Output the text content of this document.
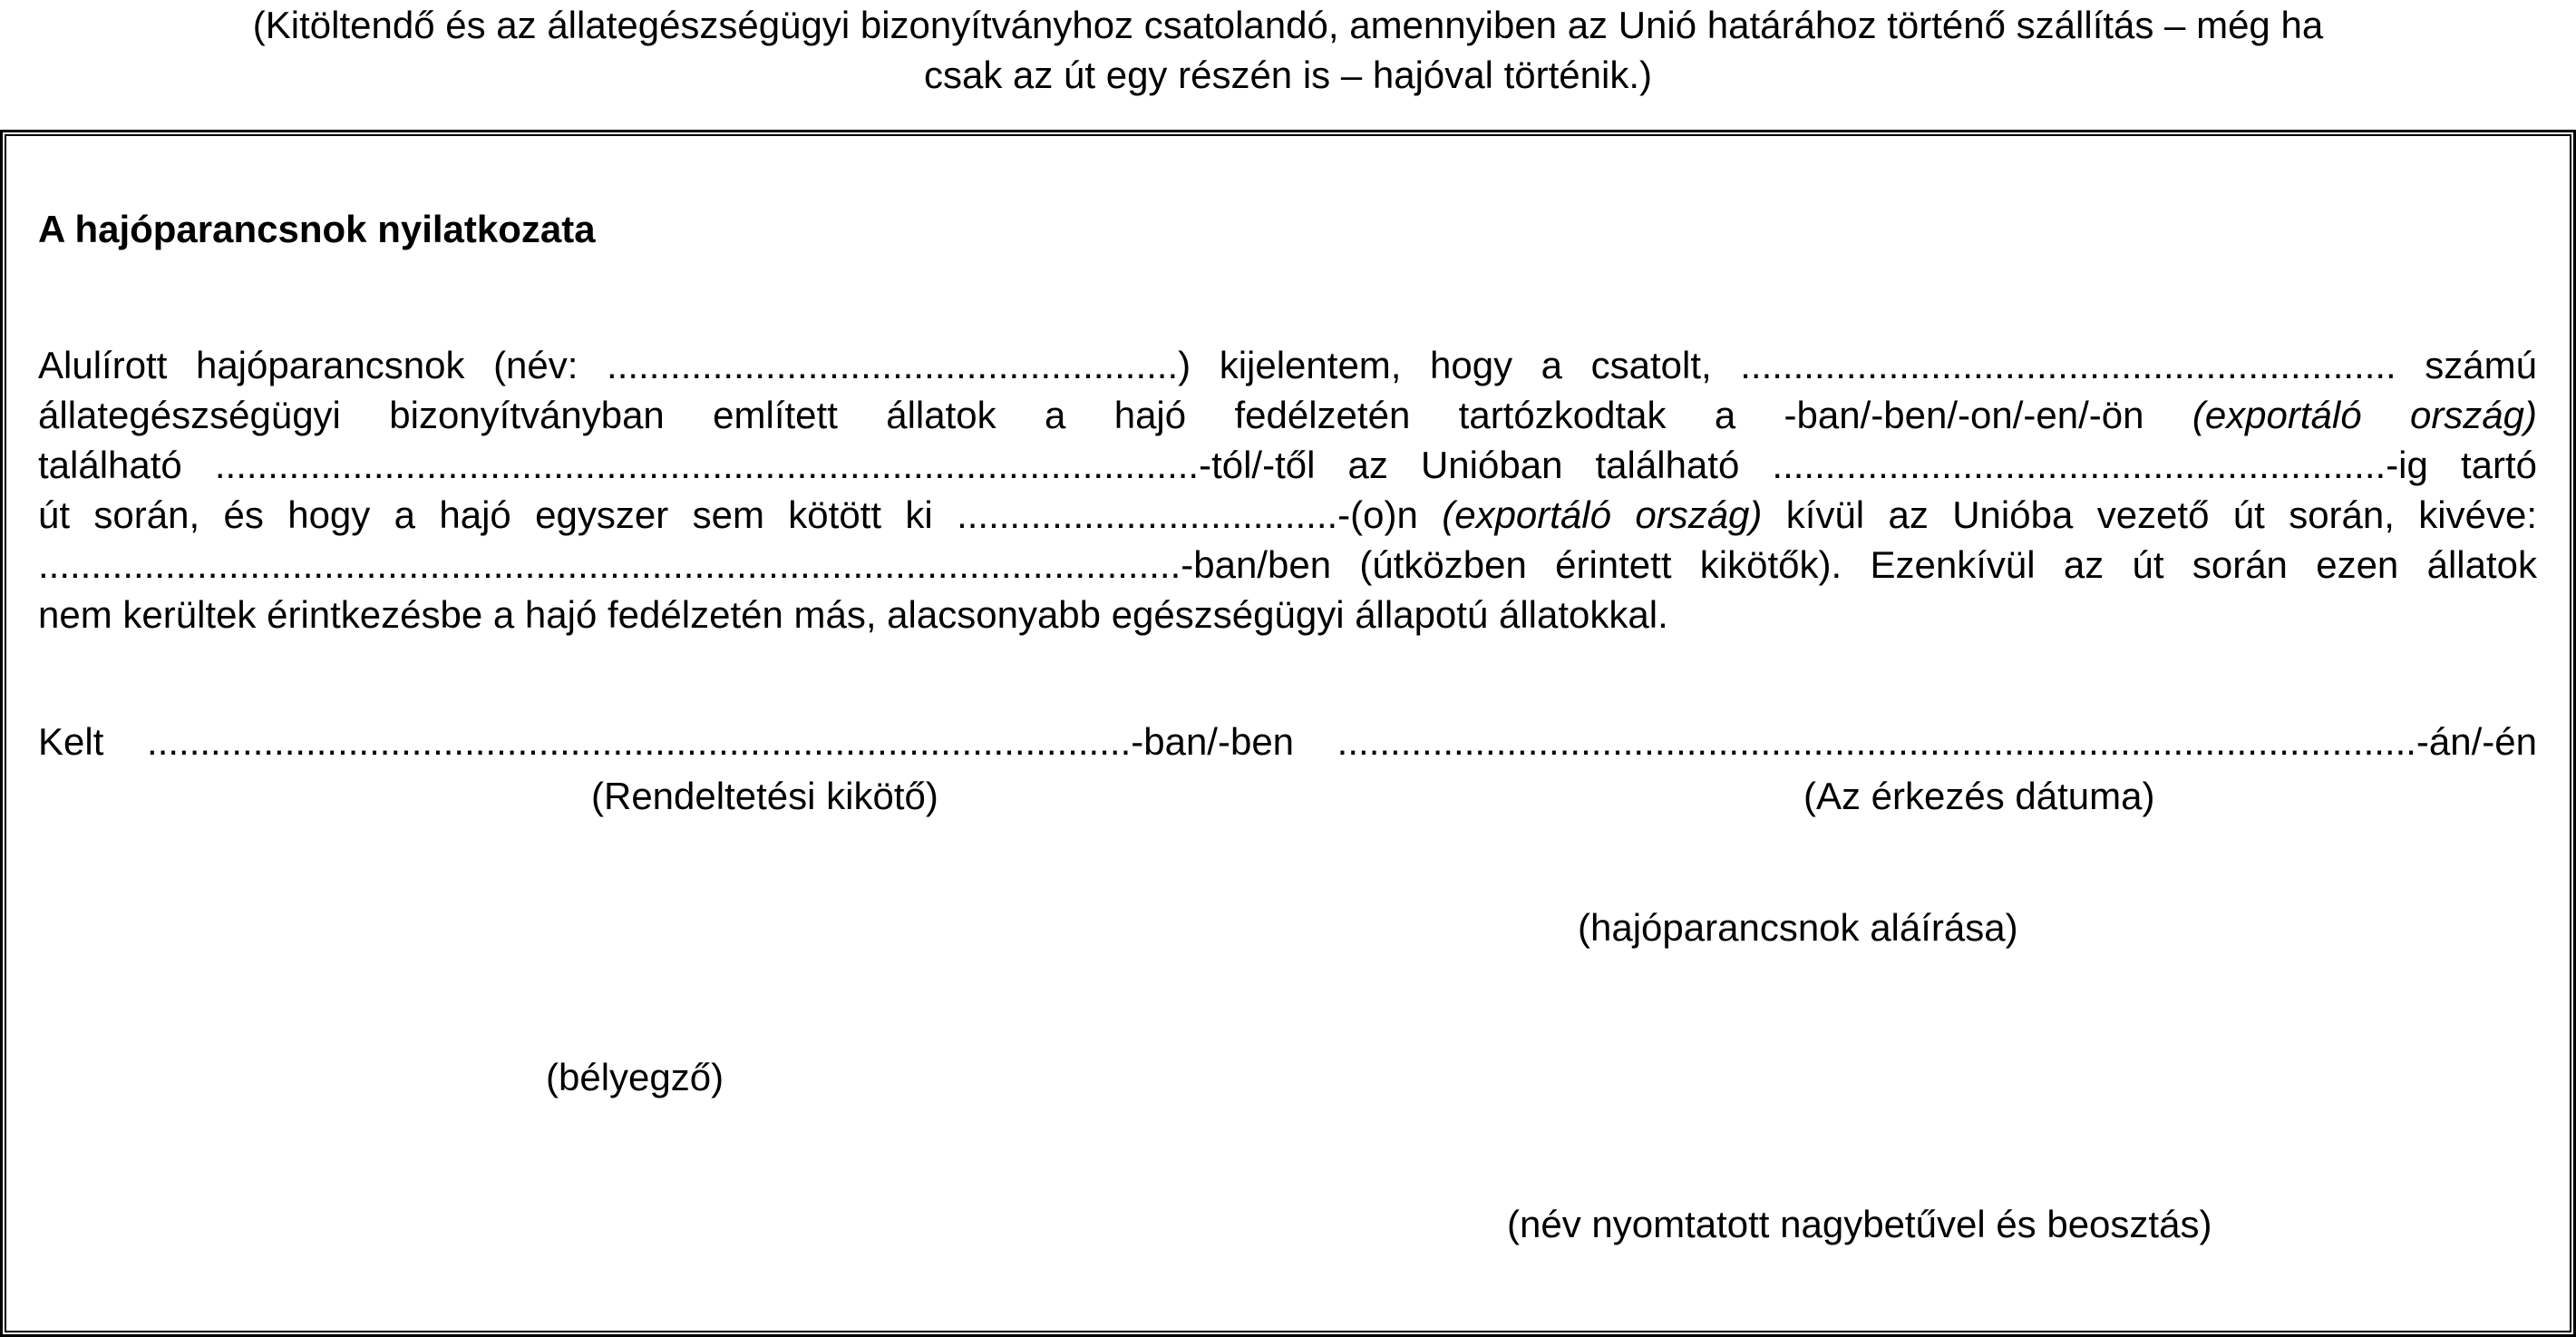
(Kitöltendő és az állategészségügyi bizonyítványhoz csatolandó, amennyiben az Unió határához történő szállítás – még ha
csak az út egy részén is – hajóval történik.)
A hajóparancsnok nyilatkozata
Alulírott hajóparancsnok (név: ......................................................) kijelentem, hogy a csatolt, .............................................................. számú
állategészségügyi bizonyítványban említett állatok a hajó fedélzetén tartózkodtak a -ban/-ben/-on/-en/-ön (exportáló ország)
található .............................................................................................-tól/-től az Unióban található ..........................................................-ig tartó
út során, és hogy a hajó egyszer sem kötött ki ....................................-(o)n (exportáló ország) kívül az Unióba vezető út során, kivéve:
............................................................................................................-ban/ben (útközben érintett kikötők). Ezenkívül az út során ezen állatok
nem kerültek érintkezésbe a hajó fedélzetén más, alacsonyabb egészségügyi állapotú állatokkal.
Kelt .............................................................................................-ban/-ben ......................................................................................................-án/-én
(Rendeltetési kikötő)	(Az érkezés dátuma)
(hajóparancsnok aláírása)
(bélyegző)
(név nyomtatott nagybetűvel és beosztás)
